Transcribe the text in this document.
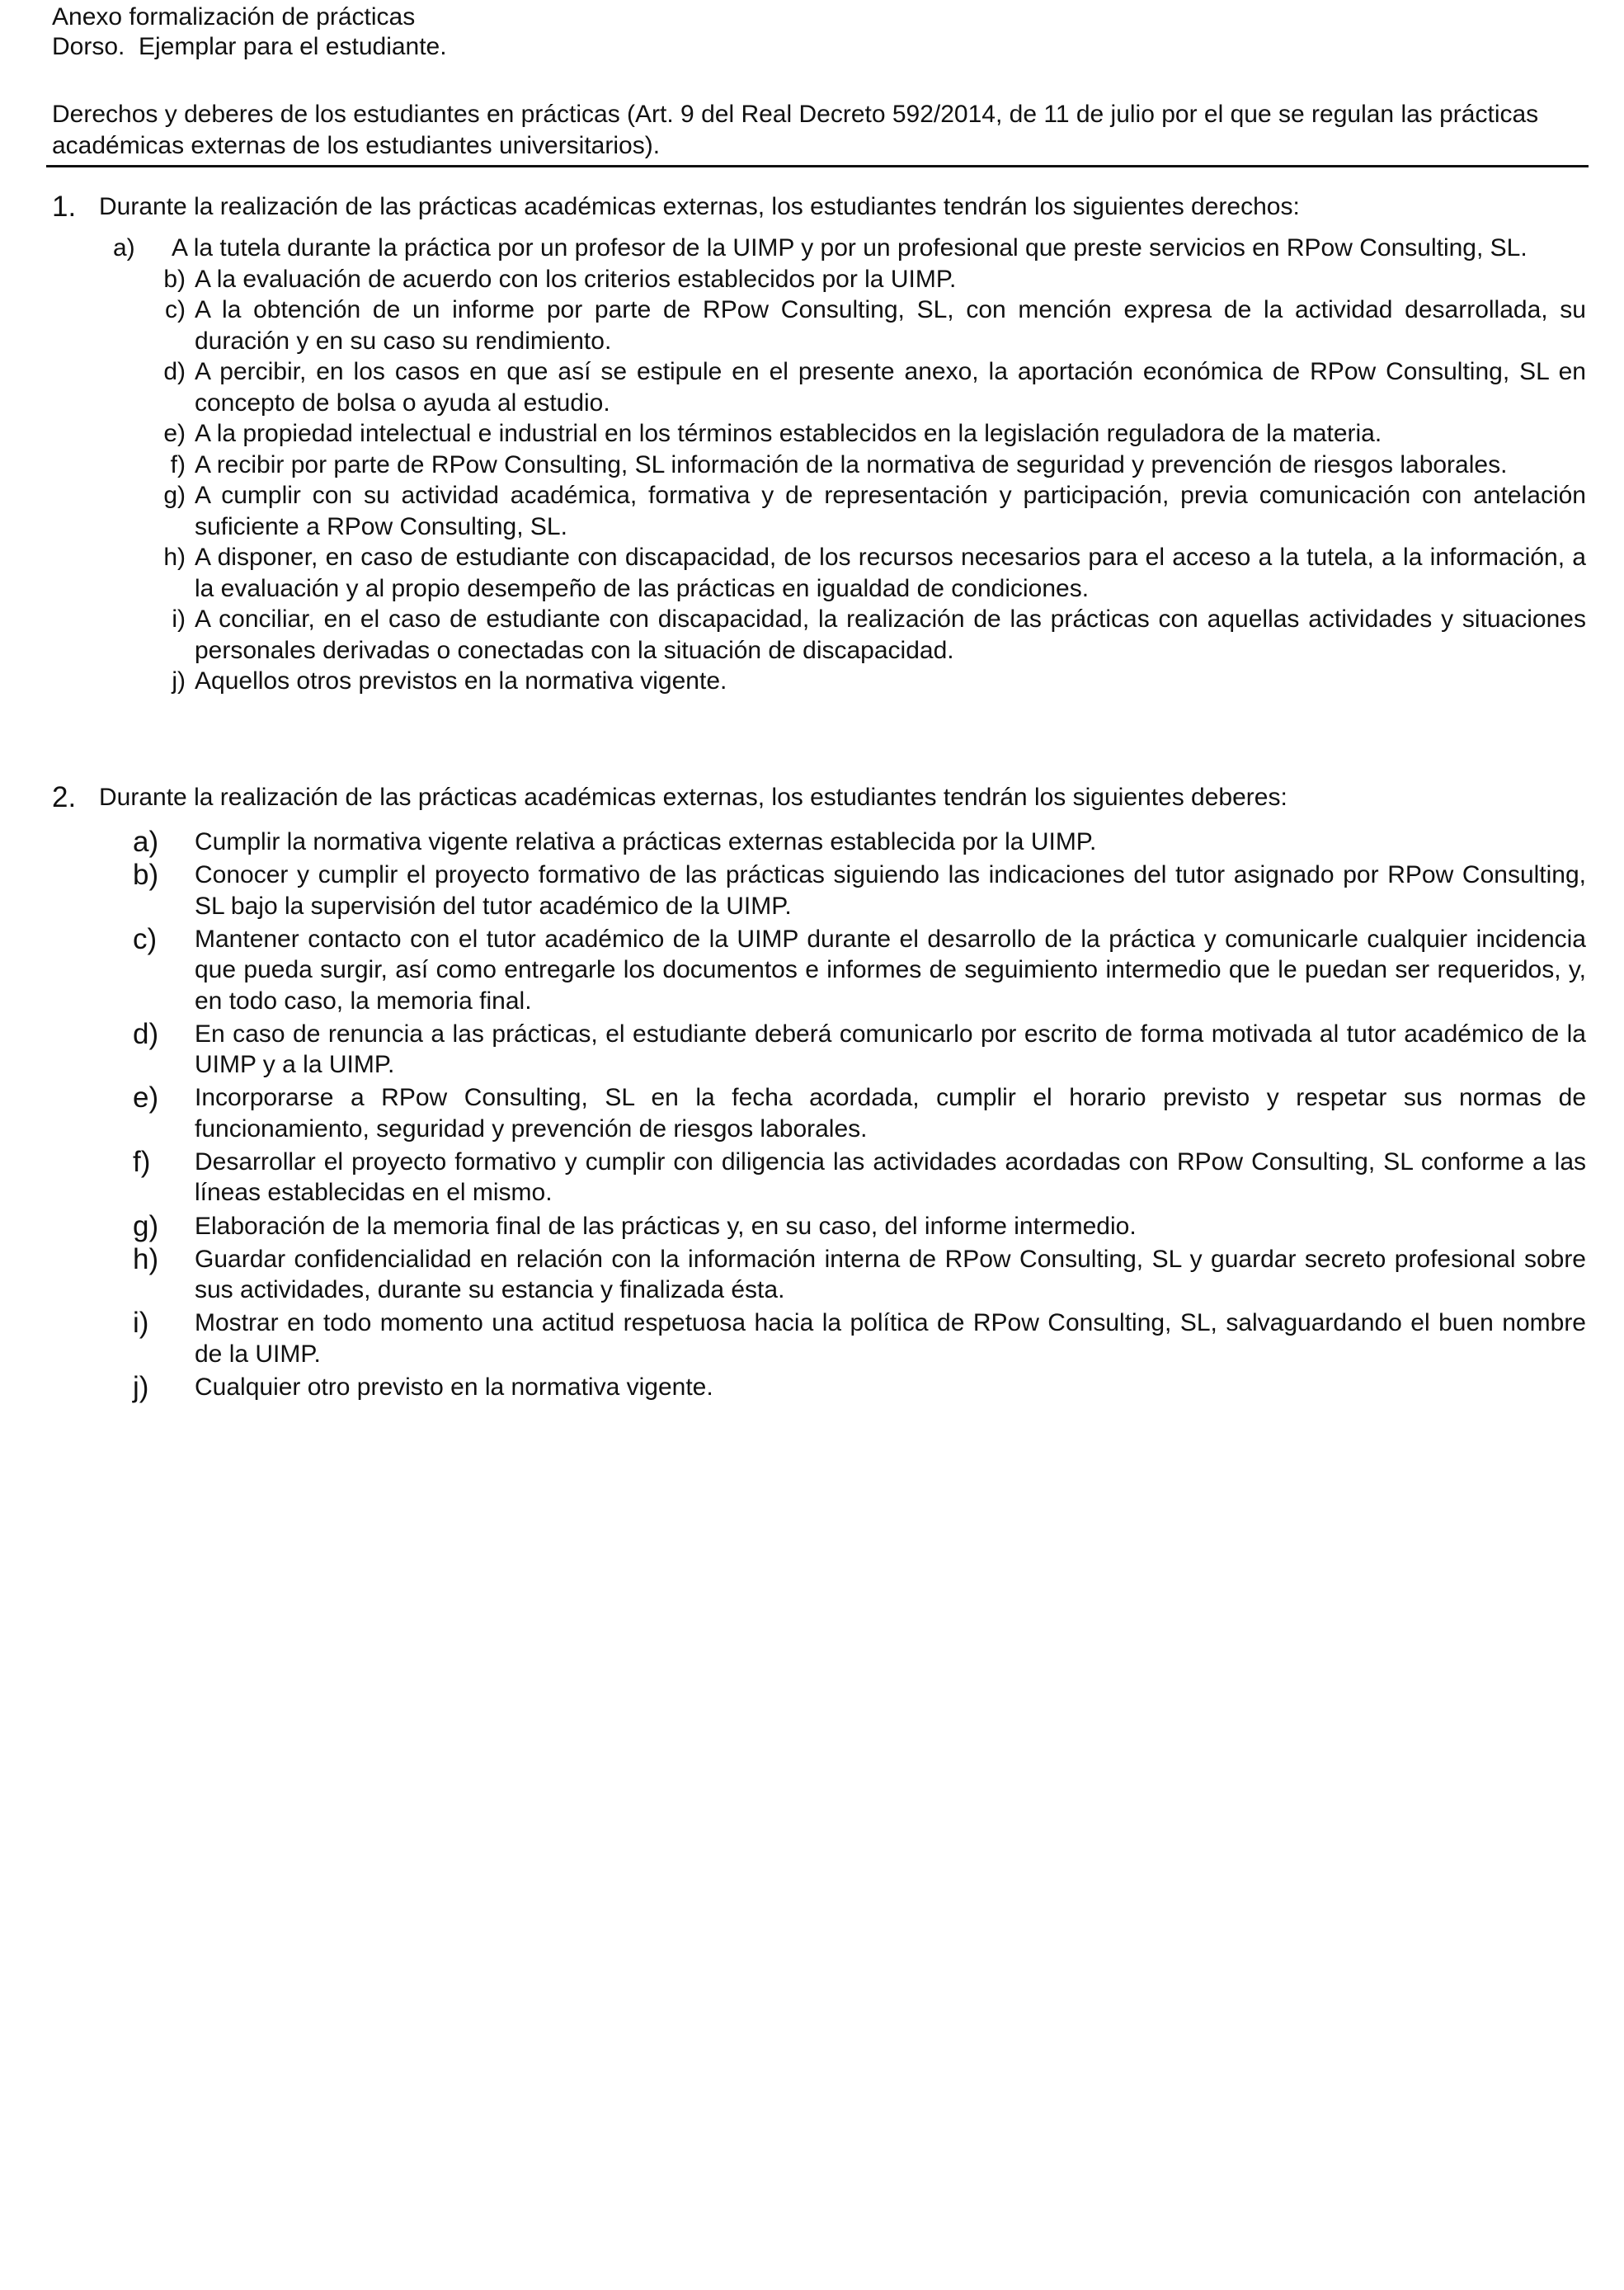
Anexo formalización de prácticas
Dorso.  Ejemplar para el estudiante.
Derechos y deberes de los estudiantes en prácticas (Art. 9 del Real Decreto 592/2014, de 11 de julio por el que se regulan las prácticas académicas externas de los estudiantes universitarios).
1. Durante la realización de las prácticas académicas externas, los estudiantes tendrán los siguientes derechos:
a)	A la tutela durante la práctica por un profesor de la UIMP y por un profesional que preste servicios en RPow Consulting, SL.
b) A la evaluación de acuerdo con los criterios establecidos por la UIMP.
c) A la obtención de un informe por parte de RPow Consulting, SL, con mención expresa de la actividad desarrollada, su duración y en su caso su rendimiento.
d) A percibir, en los casos en que así se estipule en el presente anexo, la aportación económica de RPow Consulting, SL en concepto de bolsa o ayuda al estudio.
e) A la propiedad intelectual e industrial en los términos establecidos en la legislación reguladora de la materia.
f) A recibir por parte de RPow Consulting, SL información de la normativa de seguridad y prevención de riesgos laborales.
g) A cumplir con su actividad académica, formativa y de representación y participación, previa comunicación con antelación suficiente a RPow Consulting, SL.
h) A disponer, en caso de estudiante con discapacidad, de los recursos necesarios para el acceso a la tutela, a la información, a la evaluación y al propio desempeño de las prácticas en igualdad de condiciones.
i) A conciliar, en el caso de estudiante con discapacidad, la realización de las prácticas con aquellas actividades y situaciones personales derivadas o conectadas con la situación de discapacidad.
j) Aquellos otros previstos en la normativa vigente.
2. Durante la realización de las prácticas académicas externas, los estudiantes tendrán los siguientes deberes:
a) Cumplir la normativa vigente relativa a prácticas externas establecida por la UIMP.
b) Conocer y cumplir el proyecto formativo de las prácticas siguiendo las indicaciones del tutor asignado por RPow Consulting, SL bajo la supervisión del tutor académico de la UIMP.
c) Mantener contacto con el tutor académico de la UIMP durante el desarrollo de la práctica y comunicarle cualquier incidencia que pueda surgir, así como entregarle los documentos e informes de seguimiento intermedio que le puedan ser requeridos, y, en todo caso, la memoria final.
d) En caso de renuncia a las prácticas, el estudiante deberá comunicarlo por escrito de forma motivada al tutor académico de la UIMP y a la UIMP.
e) Incorporarse a RPow Consulting, SL en la fecha acordada, cumplir el horario previsto y respetar sus normas de funcionamiento, seguridad y prevención de riesgos laborales.
f) Desarrollar el proyecto formativo y cumplir con diligencia las actividades acordadas con RPow Consulting, SL conforme a las líneas establecidas en el mismo.
g) Elaboración de la memoria final de las prácticas y, en su caso, del informe intermedio.
h) Guardar confidencialidad en relación con la información interna de RPow Consulting, SL y guardar secreto profesional sobre sus actividades, durante su estancia y finalizada ésta.
i) Mostrar en todo momento una actitud respetuosa hacia la política de RPow Consulting, SL, salvaguardando el buen nombre de la UIMP.
j) Cualquier otro previsto en la normativa vigente.
